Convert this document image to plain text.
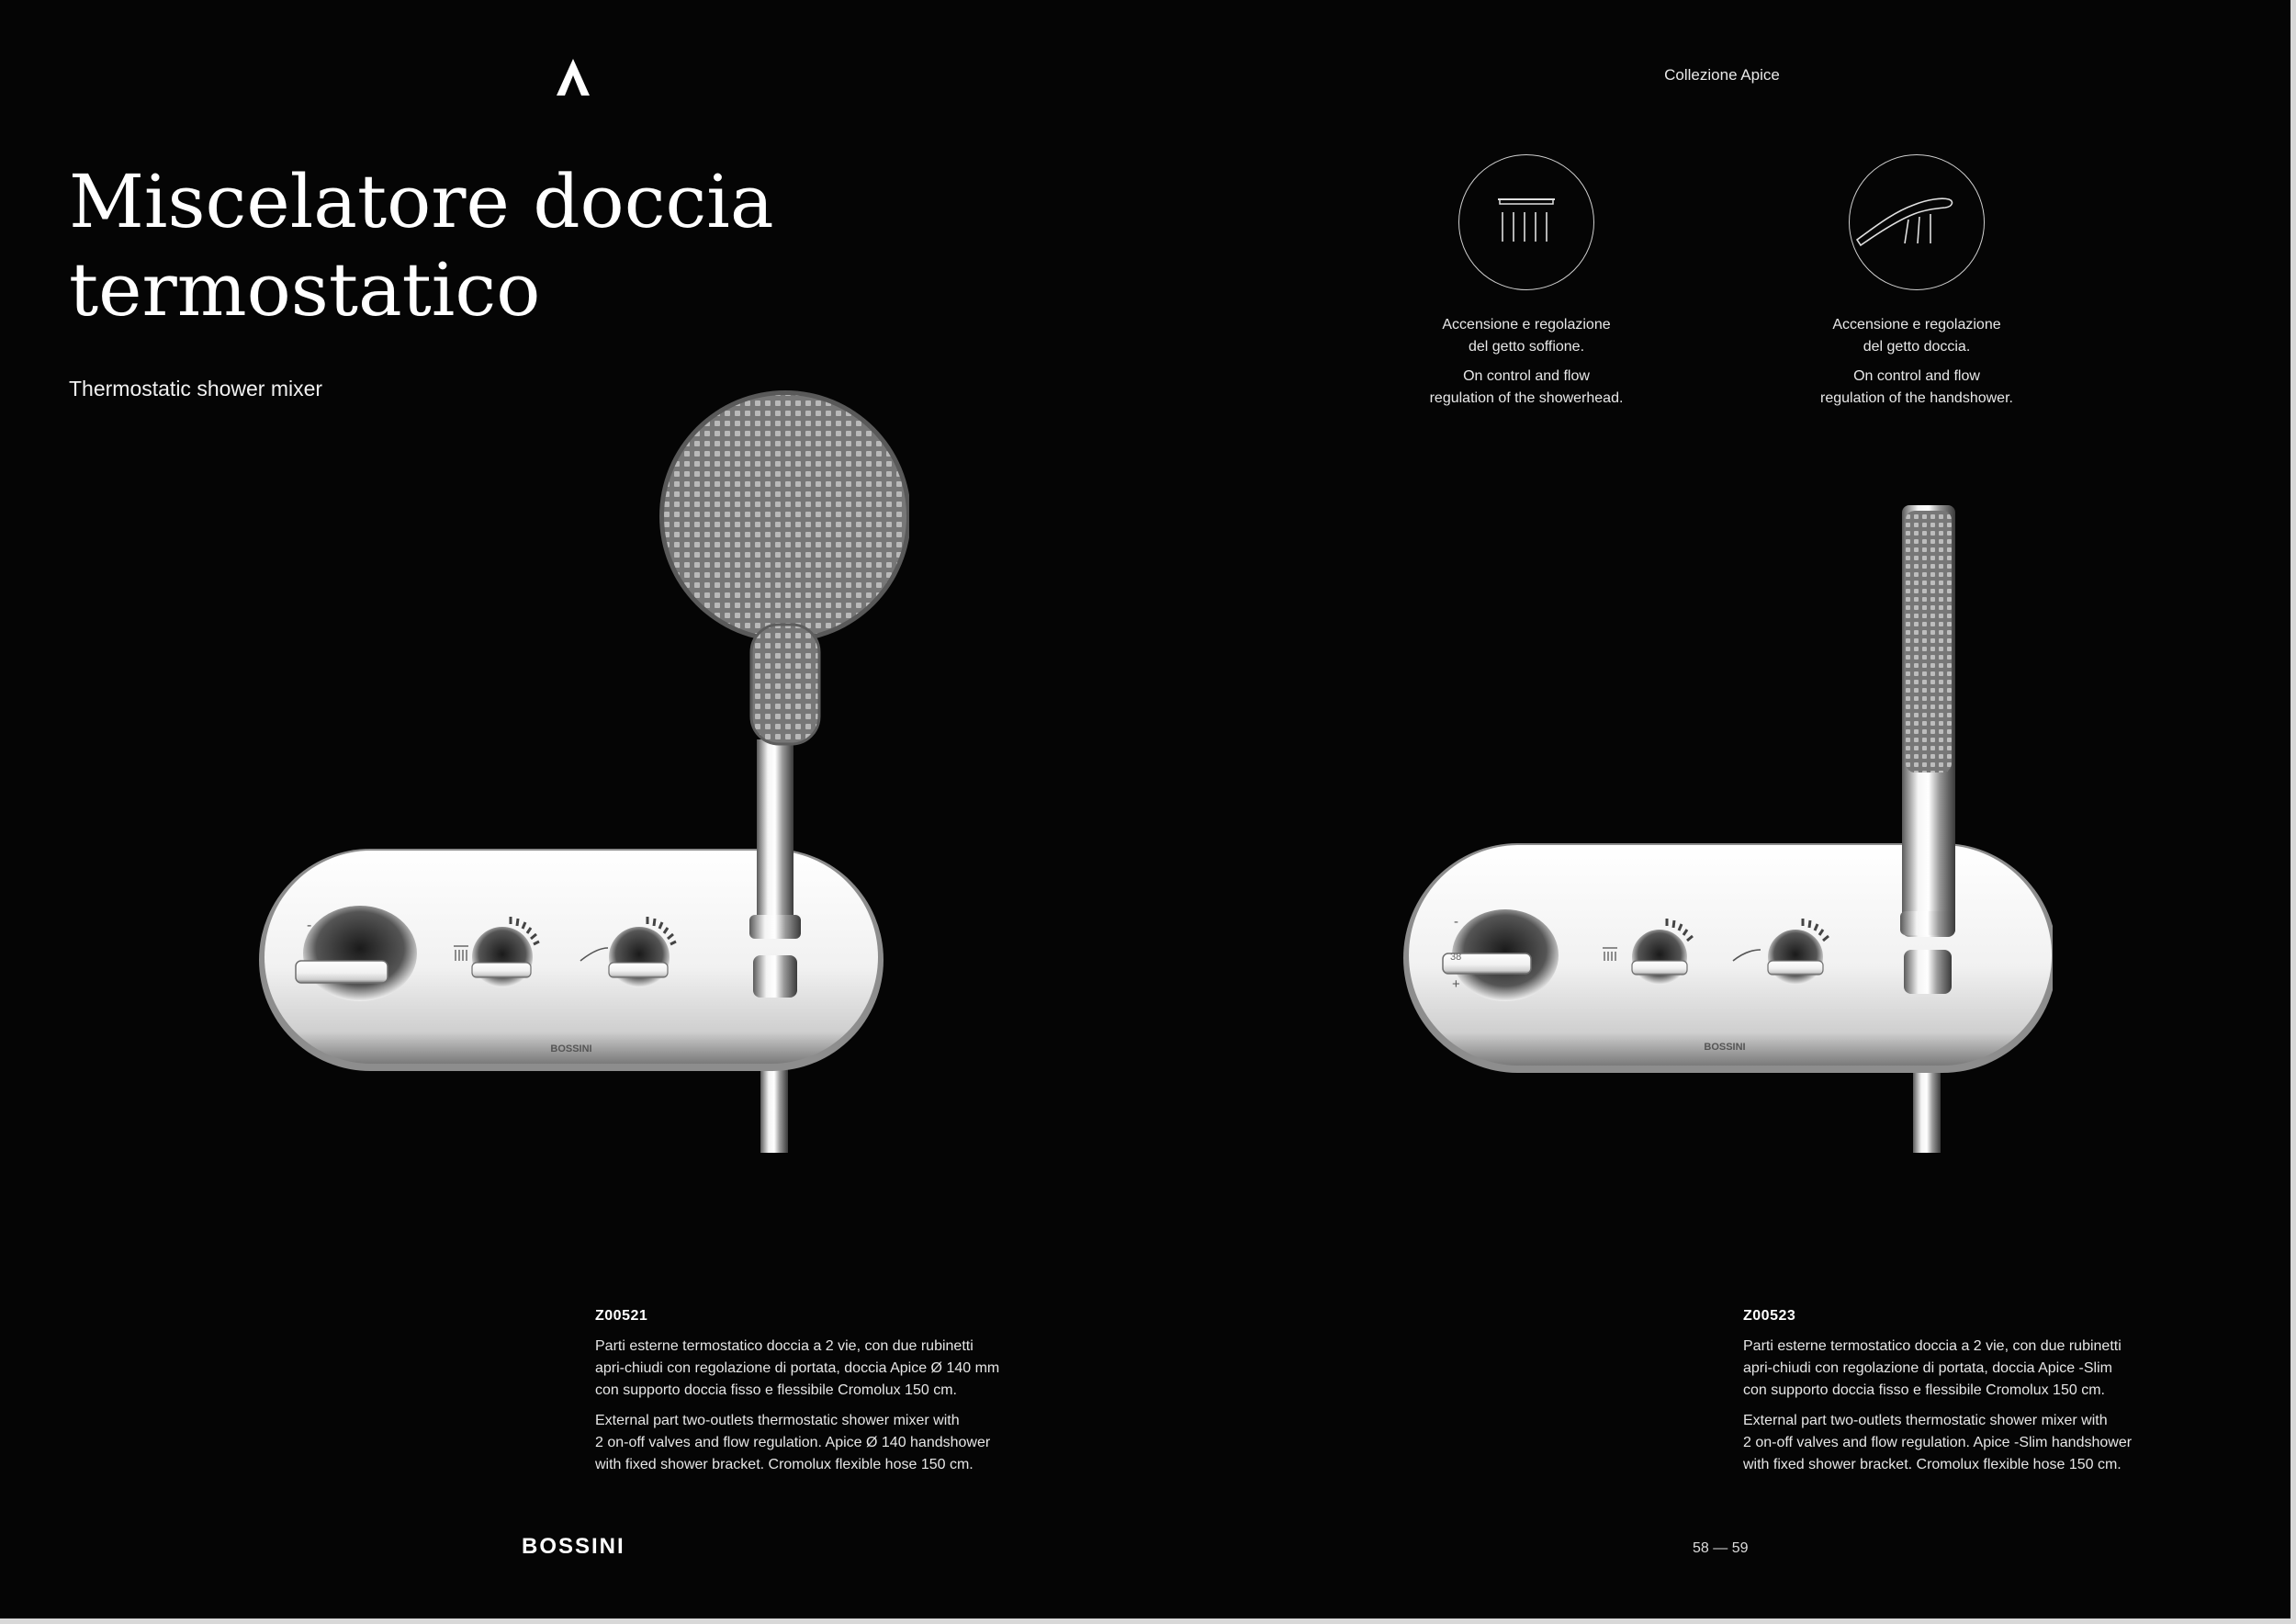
Collezione Apice
Miscelatore doccia
termostatico
Thermostatic shower mixer
Accensione e regolazione
del getto soffione.
On control and flow
regulation of the showerhead.
Accensione e regolazione
del getto doccia.
On control and flow
regulation of the handshower.
-
BOSSINI
-
38
+
BOSSINI
Z00521
Parti esterne termostatico doccia a 2 vie, con due rubinetti
apri-chiudi con regolazione di portata, doccia Apice Ø 140 mm
con supporto doccia fisso e flessibile Cromolux 150 cm.
External part two-outlets thermostatic shower mixer with
2 on-off valves and flow regulation. Apice Ø 140 handshower
with fixed shower bracket. Cromolux flexible hose 150 cm.
Z00523
Parti esterne termostatico doccia a 2 vie, con due rubinetti
apri-chiudi con regolazione di portata, doccia Apice -Slim
con supporto doccia fisso e flessibile Cromolux 150 cm.
External part two-outlets thermostatic shower mixer with
2 on-off valves and flow regulation. Apice -Slim handshower
with fixed shower bracket. Cromolux flexible hose 150 cm.
BOSSINI	58 — 59
